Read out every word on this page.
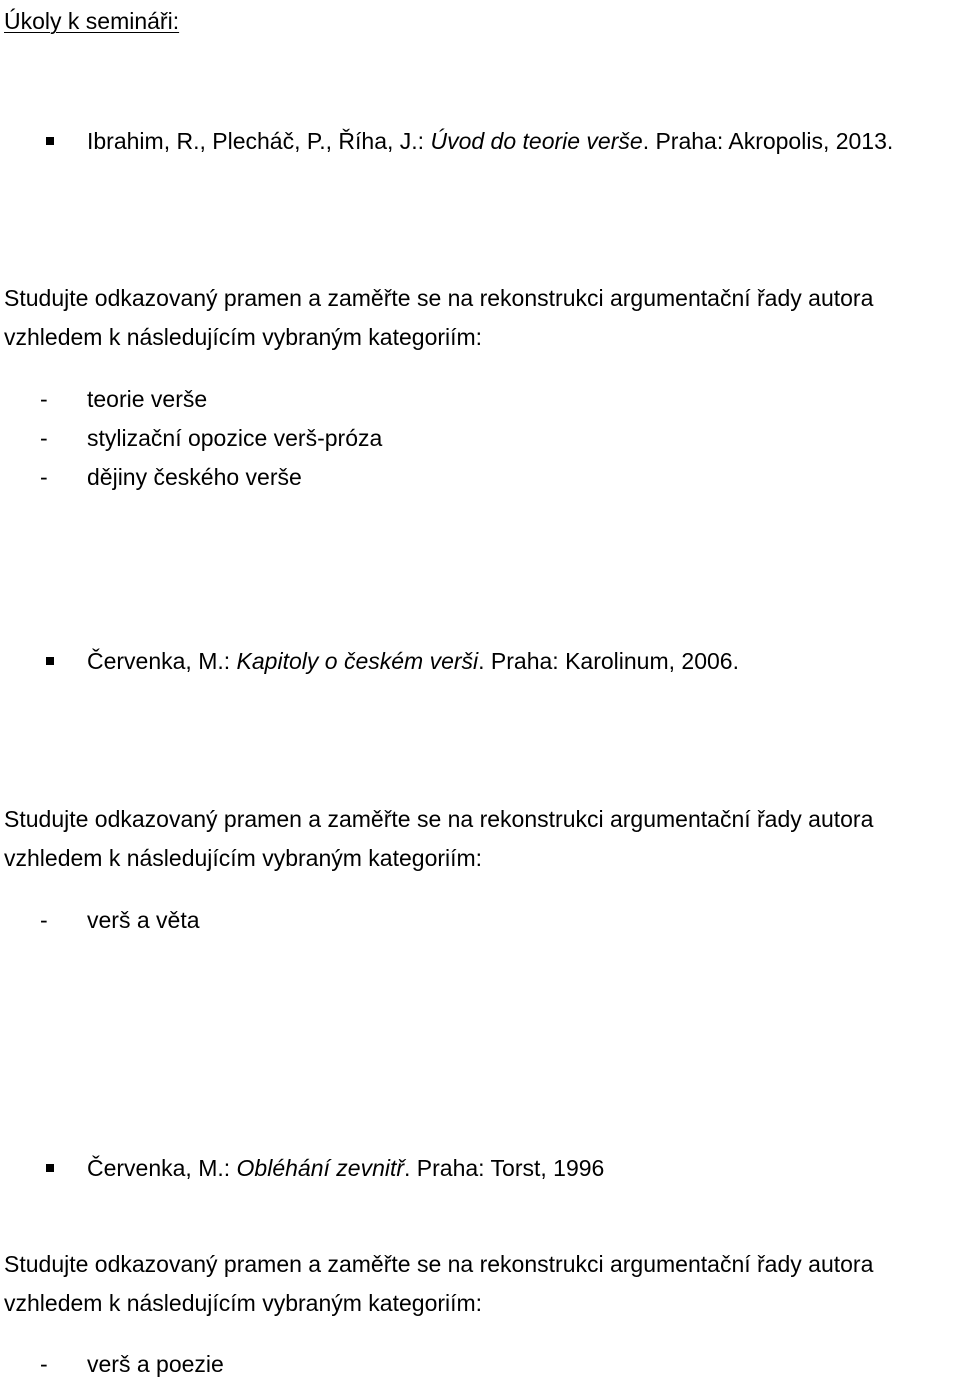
Úkoly k semináři:
Ibrahim, R., Plecháč, P., Říha, J.: Úvod do teorie verše. Praha: Akropolis, 2013.
Studujte odkazovaný pramen a zaměřte se na rekonstrukci argumentační řady autora
vzhledem k následujícím vybraným kategoriím:
- teorie verše
- stylizační opozice verš-próza
- dějiny českého verše
Červenka, M.: Kapitoly o českém verši. Praha: Karolinum, 2006.
Studujte odkazovaný pramen a zaměřte se na rekonstrukci argumentační řady autora
vzhledem k následujícím vybraným kategoriím:
- verš a věta
Červenka, M.: Obléhání zevnitř. Praha: Torst, 1996
Studujte odkazovaný pramen a zaměřte se na rekonstrukci argumentační řady autora
vzhledem k následujícím vybraným kategoriím:
- verš a poezie
